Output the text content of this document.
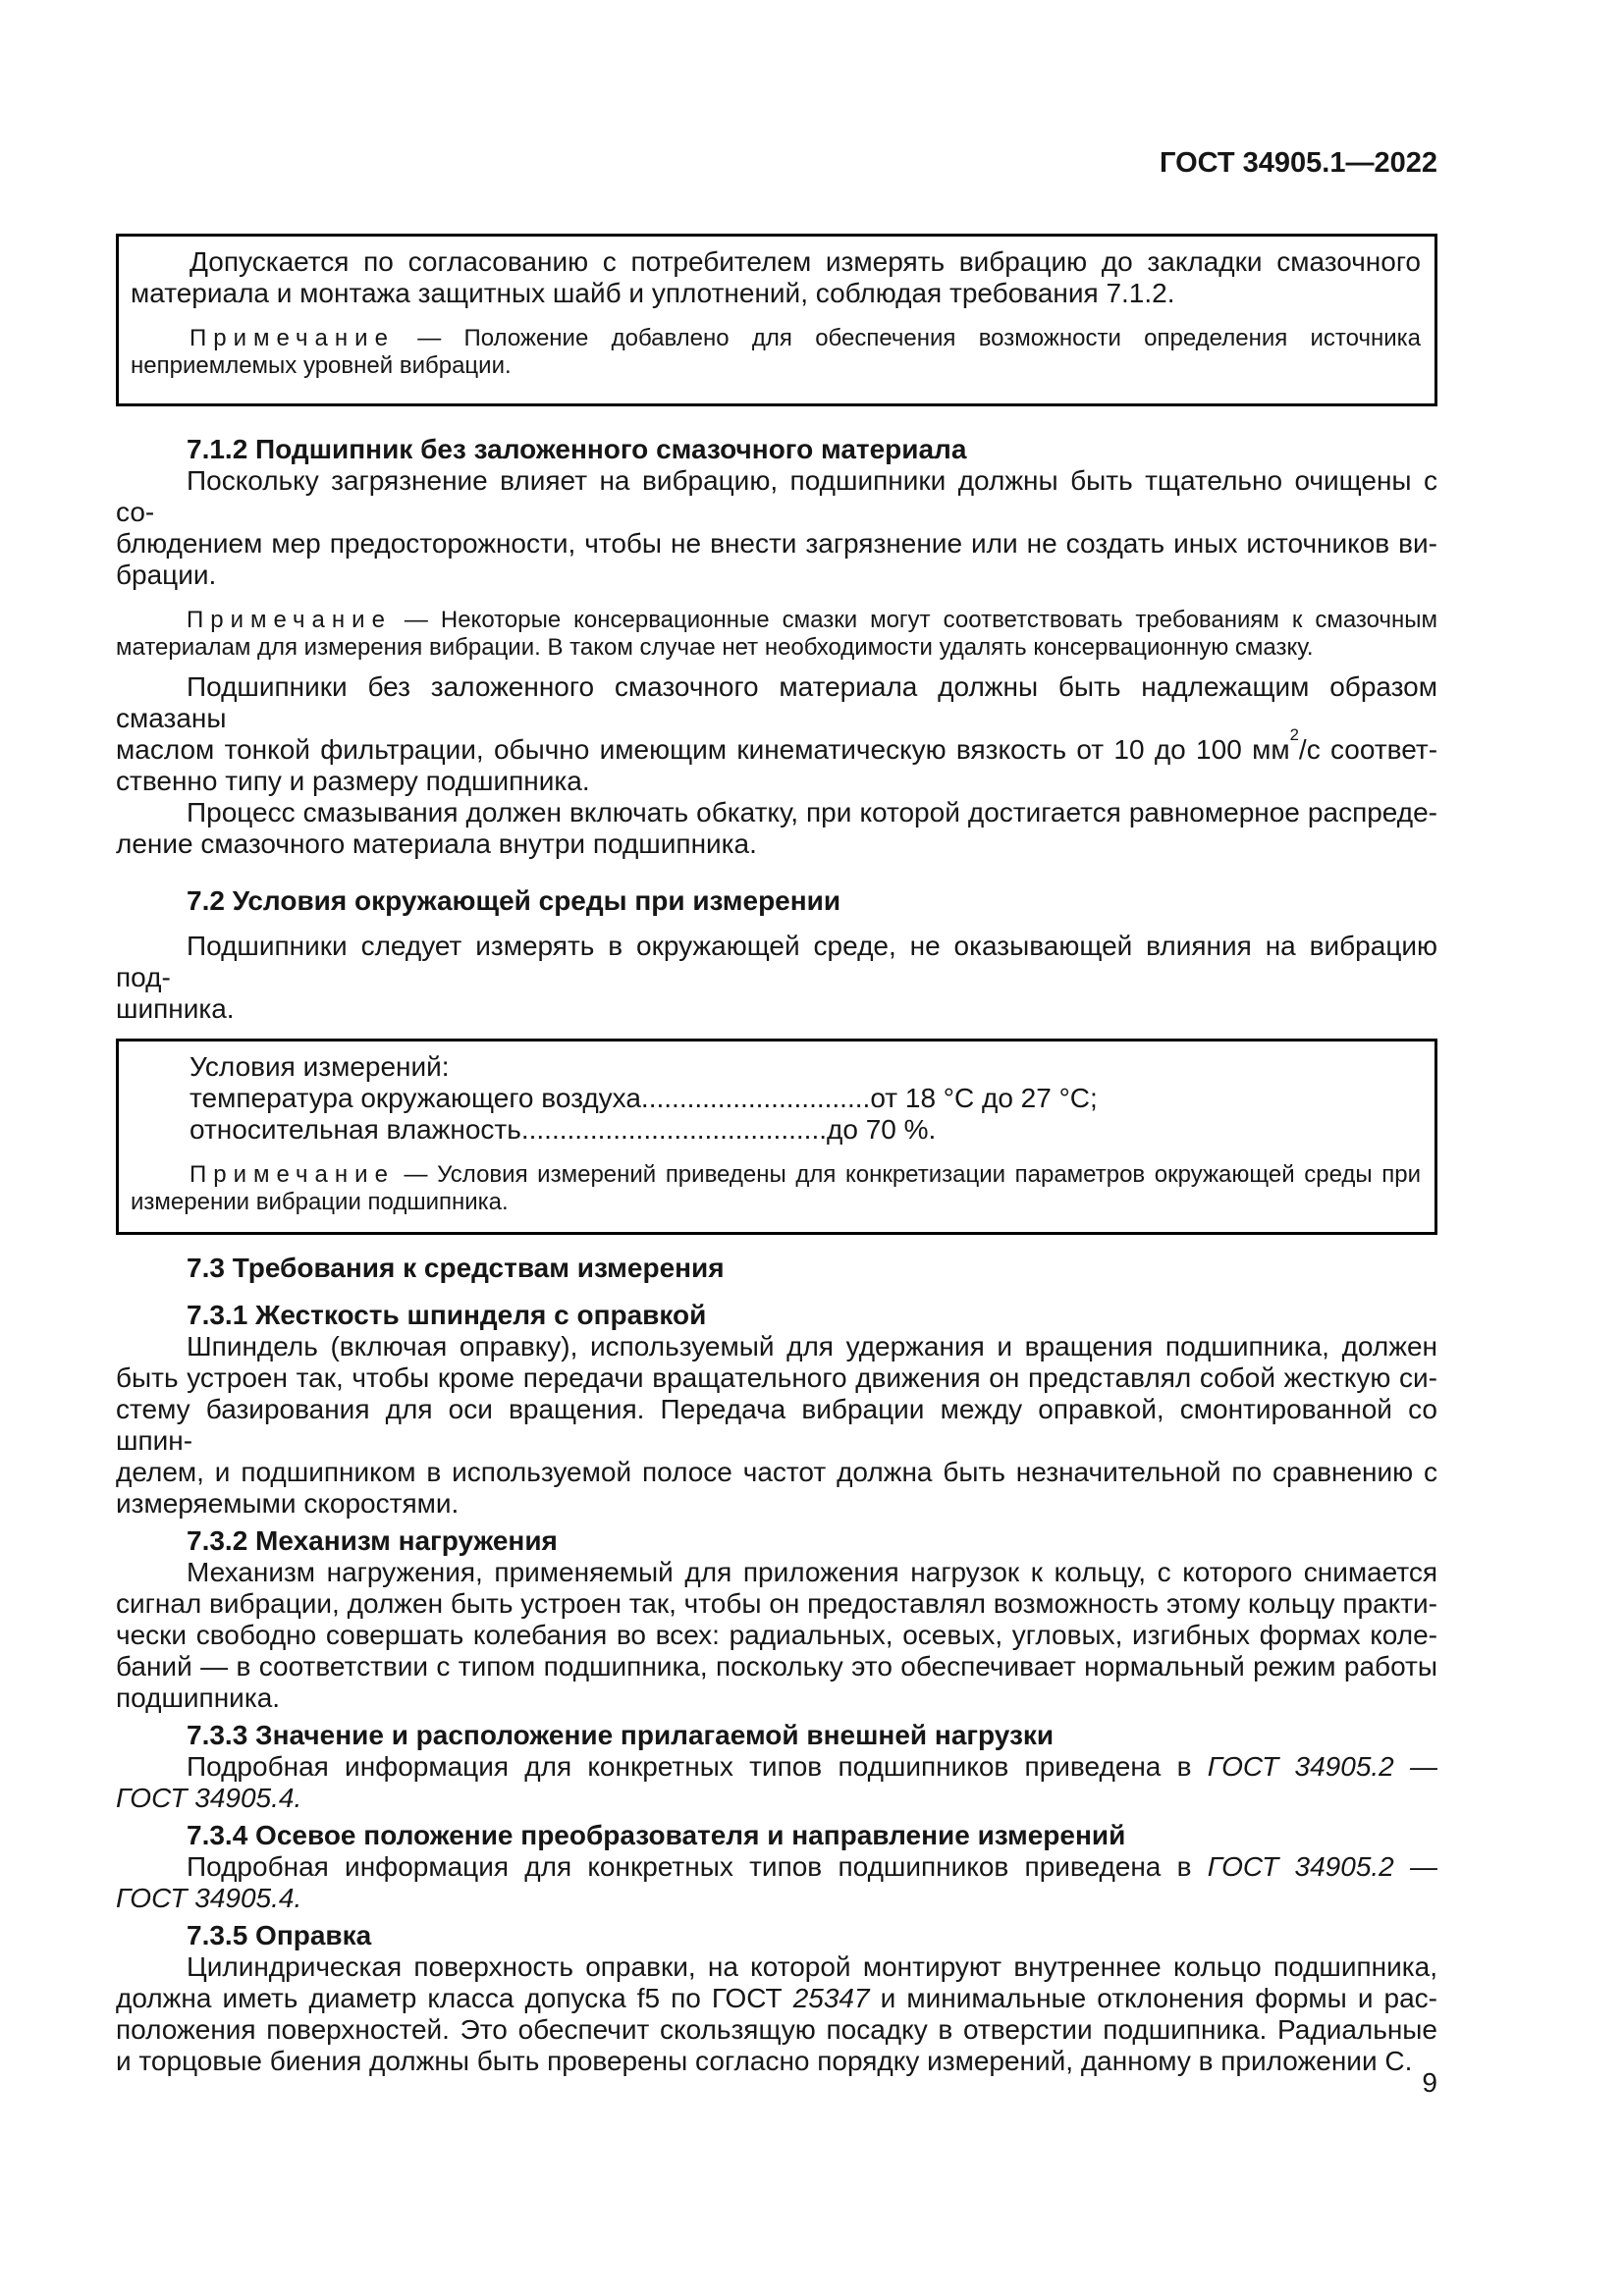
ГОСТ 34905.1—2022
Допускается по согласованию с потребителем измерять вибрацию до закладки смазочного
материала и монтажа защитных шайб и уплотнений, соблюдая требования 7.1.2.
Примечание — Положение добавлено для обеспечения возможности определения источника
неприемлемых уровней вибрации.
7.1.2 Подшипник без заложенного смазочного материала
Поскольку загрязнение влияет на вибрацию, подшипники должны быть тщательно очищены с со-
блюдением мер предосторожности, чтобы не внести загрязнение или не создать иных источников ви-
брации.
Примечание — Некоторые консервационные смазки могут соответствовать требованиям к смазочным
материалам для измерения вибрации. В таком случае нет необходимости удалять консервационную смазку.
Подшипники без заложенного смазочного материала должны быть надлежащим образом смазаны
маслом тонкой фильтрации, обычно имеющим кинематическую вязкость от 10 до 100 $мм^2/с$ соответ-
ственно типу и размеру подшипника.
Процесс смазывания должен включать обкатку, при которой достигается равномерное распреде-
ление смазочного материала внутри подшипника.
7.2 Условия окружающей среды при измерении
Подшипники следует измерять в окружающей среде, не оказывающей влияния на вибрацию под-
шипника.
Условия измерений:
температура окружающего воздуха..............................от 18 °С до 27 °С;
относительная влажность........................................до 70 %.
Примечание — Условия измерений приведены для конкретизации параметров окружающей среды при
измерении вибрации подшипника.
7.3 Требования к средствам измерения
7.3.1 Жесткость шпинделя с оправкой
Шпиндель (включая оправку), используемый для удержания и вращения подшипника, должен
быть устроен так, чтобы кроме передачи вращательного движения он представлял собой жесткую си-
стему базирования для оси вращения. Передача вибрации между оправкой, смонтированной со шпин-
делем, и подшипником в используемой полосе частот должна быть незначительной по сравнению с
измеряемыми скоростями.
7.3.2 Механизм нагружения
Механизм нагружения, применяемый для приложения нагрузок к кольцу, с которого снимается
сигнал вибрации, должен быть устроен так, чтобы он предоставлял возможность этому кольцу практи-
чески свободно совершать колебания во всех: радиальных, осевых, угловых, изгибных формах коле-
баний — в соответствии с типом подшипника, поскольку это обеспечивает нормальный режим работы
подшипника.
7.3.3 Значение и расположение прилагаемой внешней нагрузки
Подробная информация для конкретных типов подшипников приведена в ГОСТ 34905.2 —
ГОСТ 34905.4.
7.3.4 Осевое положение преобразователя и направление измерений
Подробная информация для конкретных типов подшипников приведена в ГОСТ 34905.2 —
ГОСТ 34905.4.
7.3.5 Оправка
Цилиндрическая поверхность оправки, на которой монтируют внутреннее кольцо подшипника,
должна иметь диаметр класса допуска f5 по ГОСТ 25347 и минимальные отклонения формы и рас-
положения поверхностей. Это обеспечит скользящую посадку в отверстии подшипника. Радиальные
и торцовые биения должны быть проверены согласно порядку измерений, данному в приложении С.
9
